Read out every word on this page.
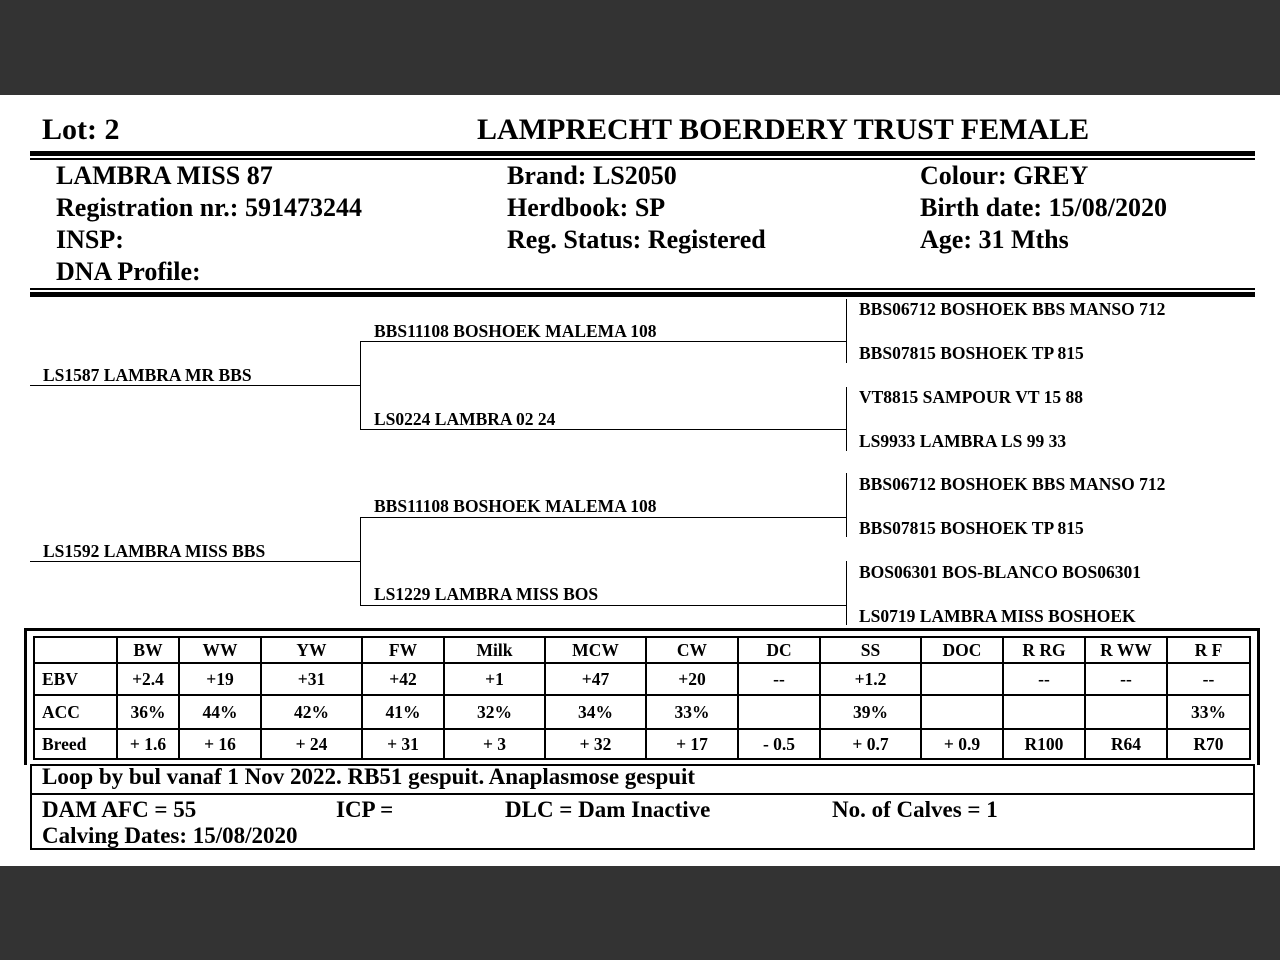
Lot: 2	LAMPRECHT BOERDERY TRUST FEMALE
LAMBRA MISS 87
Registration nr.: 591473244
INSP:
DNA Profile:
Brand: LS2050
Herdbook: SP
Reg. Status: Registered
Colour: GREY
Birth date: 15/08/2020
Age: 31 Mths
LS1587 LAMBRA MR BBS
LS1592 LAMBRA MISS BBS
BBS11108 BOSHOEK MALEMA 108
LS0224 LAMBRA 02 24
BBS11108 BOSHOEK MALEMA 108
LS1229 LAMBRA MISS BOS
BBS06712 BOSHOEK BBS MANSO 712
BBS07815 BOSHOEK TP 815
VT8815 SAMPOUR VT 15 88
LS9933 LAMBRA LS 99 33
BBS06712 BOSHOEK BBS MANSO 712
BBS07815 BOSHOEK TP 815
BOS06301 BOS-BLANCO BOS06301
LS0719 LAMBRA MISS BOSHOEK
	BW	WW	YW	FW	Milk	MCW	CW	DC	SS	DOC	R RG	R WW	R F
EBV	+2.4	+19	+31	+42	+1	+47	+20	--	+1.2		--	--	--
ACC	36%	44%	42%	41%	32%	34%	33%		39%				33%
Breed	+ 1.6	+ 16	+ 24	+ 31	+ 3	+ 32	+ 17	- 0.5	+ 0.7	+ 0.9	R100	R64	R70
Loop by bul vanaf 1 Nov 2022. RB51 gespuit. Anaplasmose gespuit
DAM AFC = 55	ICP =	DLC = Dam Inactive	No. of Calves = 1
Calving Dates: 15/08/2020
